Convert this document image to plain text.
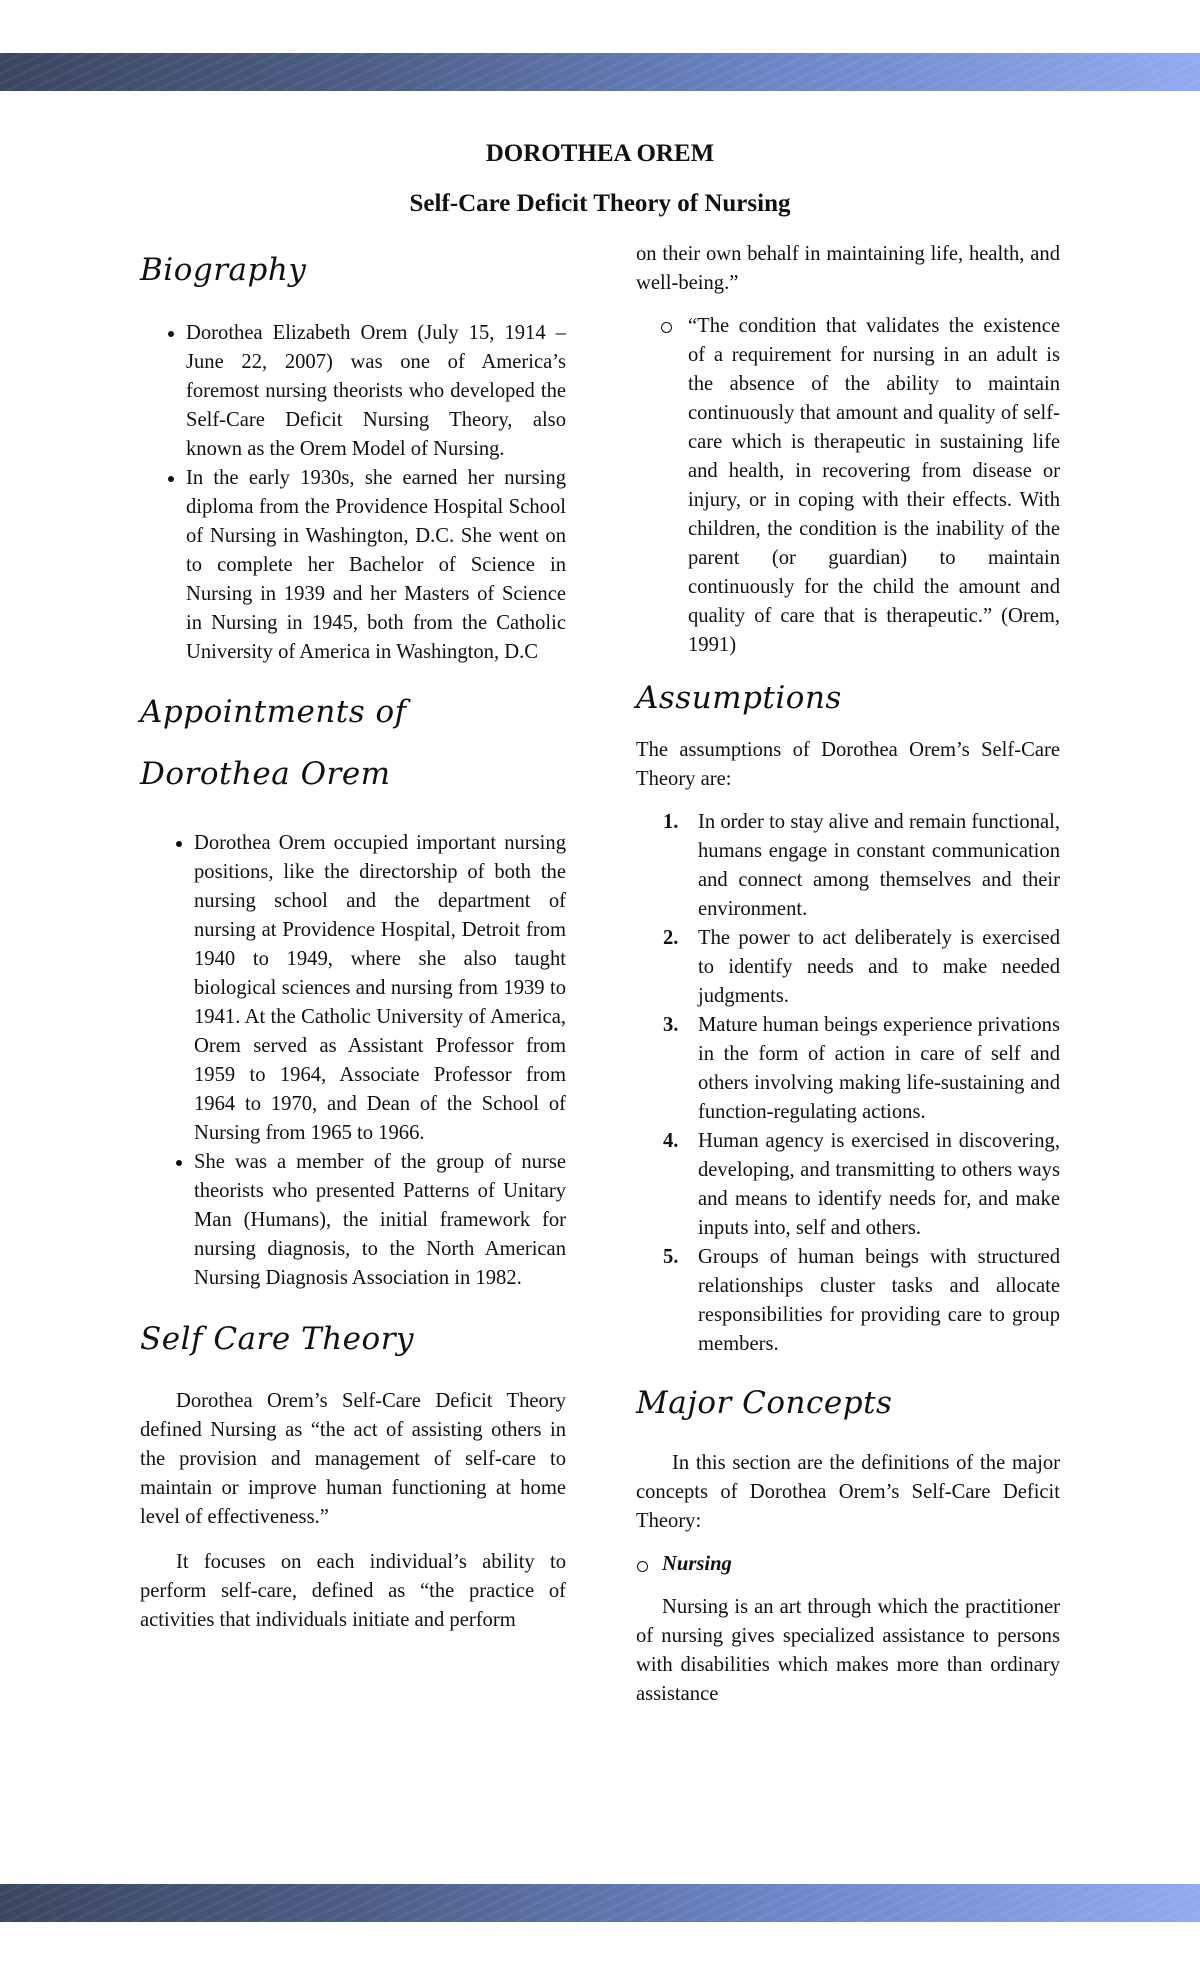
DOROTHEA OREM
Self-Care Deficit Theory of Nursing
Biography
• Dorothea Elizabeth Orem (July 15, 1914 – June 22, 2007) was one of America’s foremost nursing theorists who developed the Self-Care Deficit Nursing Theory, also known as the Orem Model of Nursing.
• In the early 1930s, she earned her nursing diploma from the Providence Hospital School of Nursing in Washington, D.C. She went on to complete her Bachelor of Science in Nursing in 1939 and her Masters of Science in Nursing in 1945, both from the Catholic University of America in Washington, D.C
Appointments of Dorothea Orem
• Dorothea Orem occupied important nursing positions, like the directorship of both the nursing school and the department of nursing at Providence Hospital, Detroit from 1940 to 1949, where she also taught biological sciences and nursing from 1939 to 1941. At the Catholic University of America, Orem served as Assistant Professor from 1959 to 1964, Associate Professor from 1964 to 1970, and Dean of the School of Nursing from 1965 to 1966.
• She was a member of the group of nurse theorists who presented Patterns of Unitary Man (Humans), the initial framework for nursing diagnosis, to the North American Nursing Diagnosis Association in 1982.
Self Care Theory

Dorothea Orem’s Self-Care Deficit Theory defined Nursing as “the act of assisting others in the provision and management of self-care to maintain or improve human functioning at home level of effectiveness.”

It focuses on each individual’s ability to perform self-care, defined as “the practice of activities that individuals initiate and perform

on their own behalf in maintaining life, health, and well-being.”

“The condition that validates the existence of a requirement for nursing in an adult is the absence of the ability to maintain continuously that amount and quality of self-care which is therapeutic in sustaining life and health, in recovering from disease or injury, or in coping with their effects. With children, the condition is the inability of the parent (or guardian) to maintain continuously for the child the amount and quality of care that is therapeutic.” (Orem, 1991)
Assumptions

The assumptions of Dorothea Orem’s Self-Care Theory are:

1. In order to stay alive and remain functional, humans engage in constant communication and connect among themselves and their environment.
2. The power to act deliberately is exercised to identify needs and to make needed judgments.
3. Mature human beings experience privations in the form of action in care of self and others involving making life-sustaining and function-regulating actions.
4. Human agency is exercised in discovering, developing, and transmitting to others ways and means to identify needs for, and make inputs into, self and others.
5. Groups of human beings with structured relationships cluster tasks and allocate responsibilities for providing care to group members.
Major Concepts

In this section are the definitions of the major concepts of Dorothea Orem’s Self-Care Deficit Theory:

Nursing

Nursing is an art through which the practitioner of nursing gives specialized assistance to persons with disabilities which makes more than ordinary assistance
